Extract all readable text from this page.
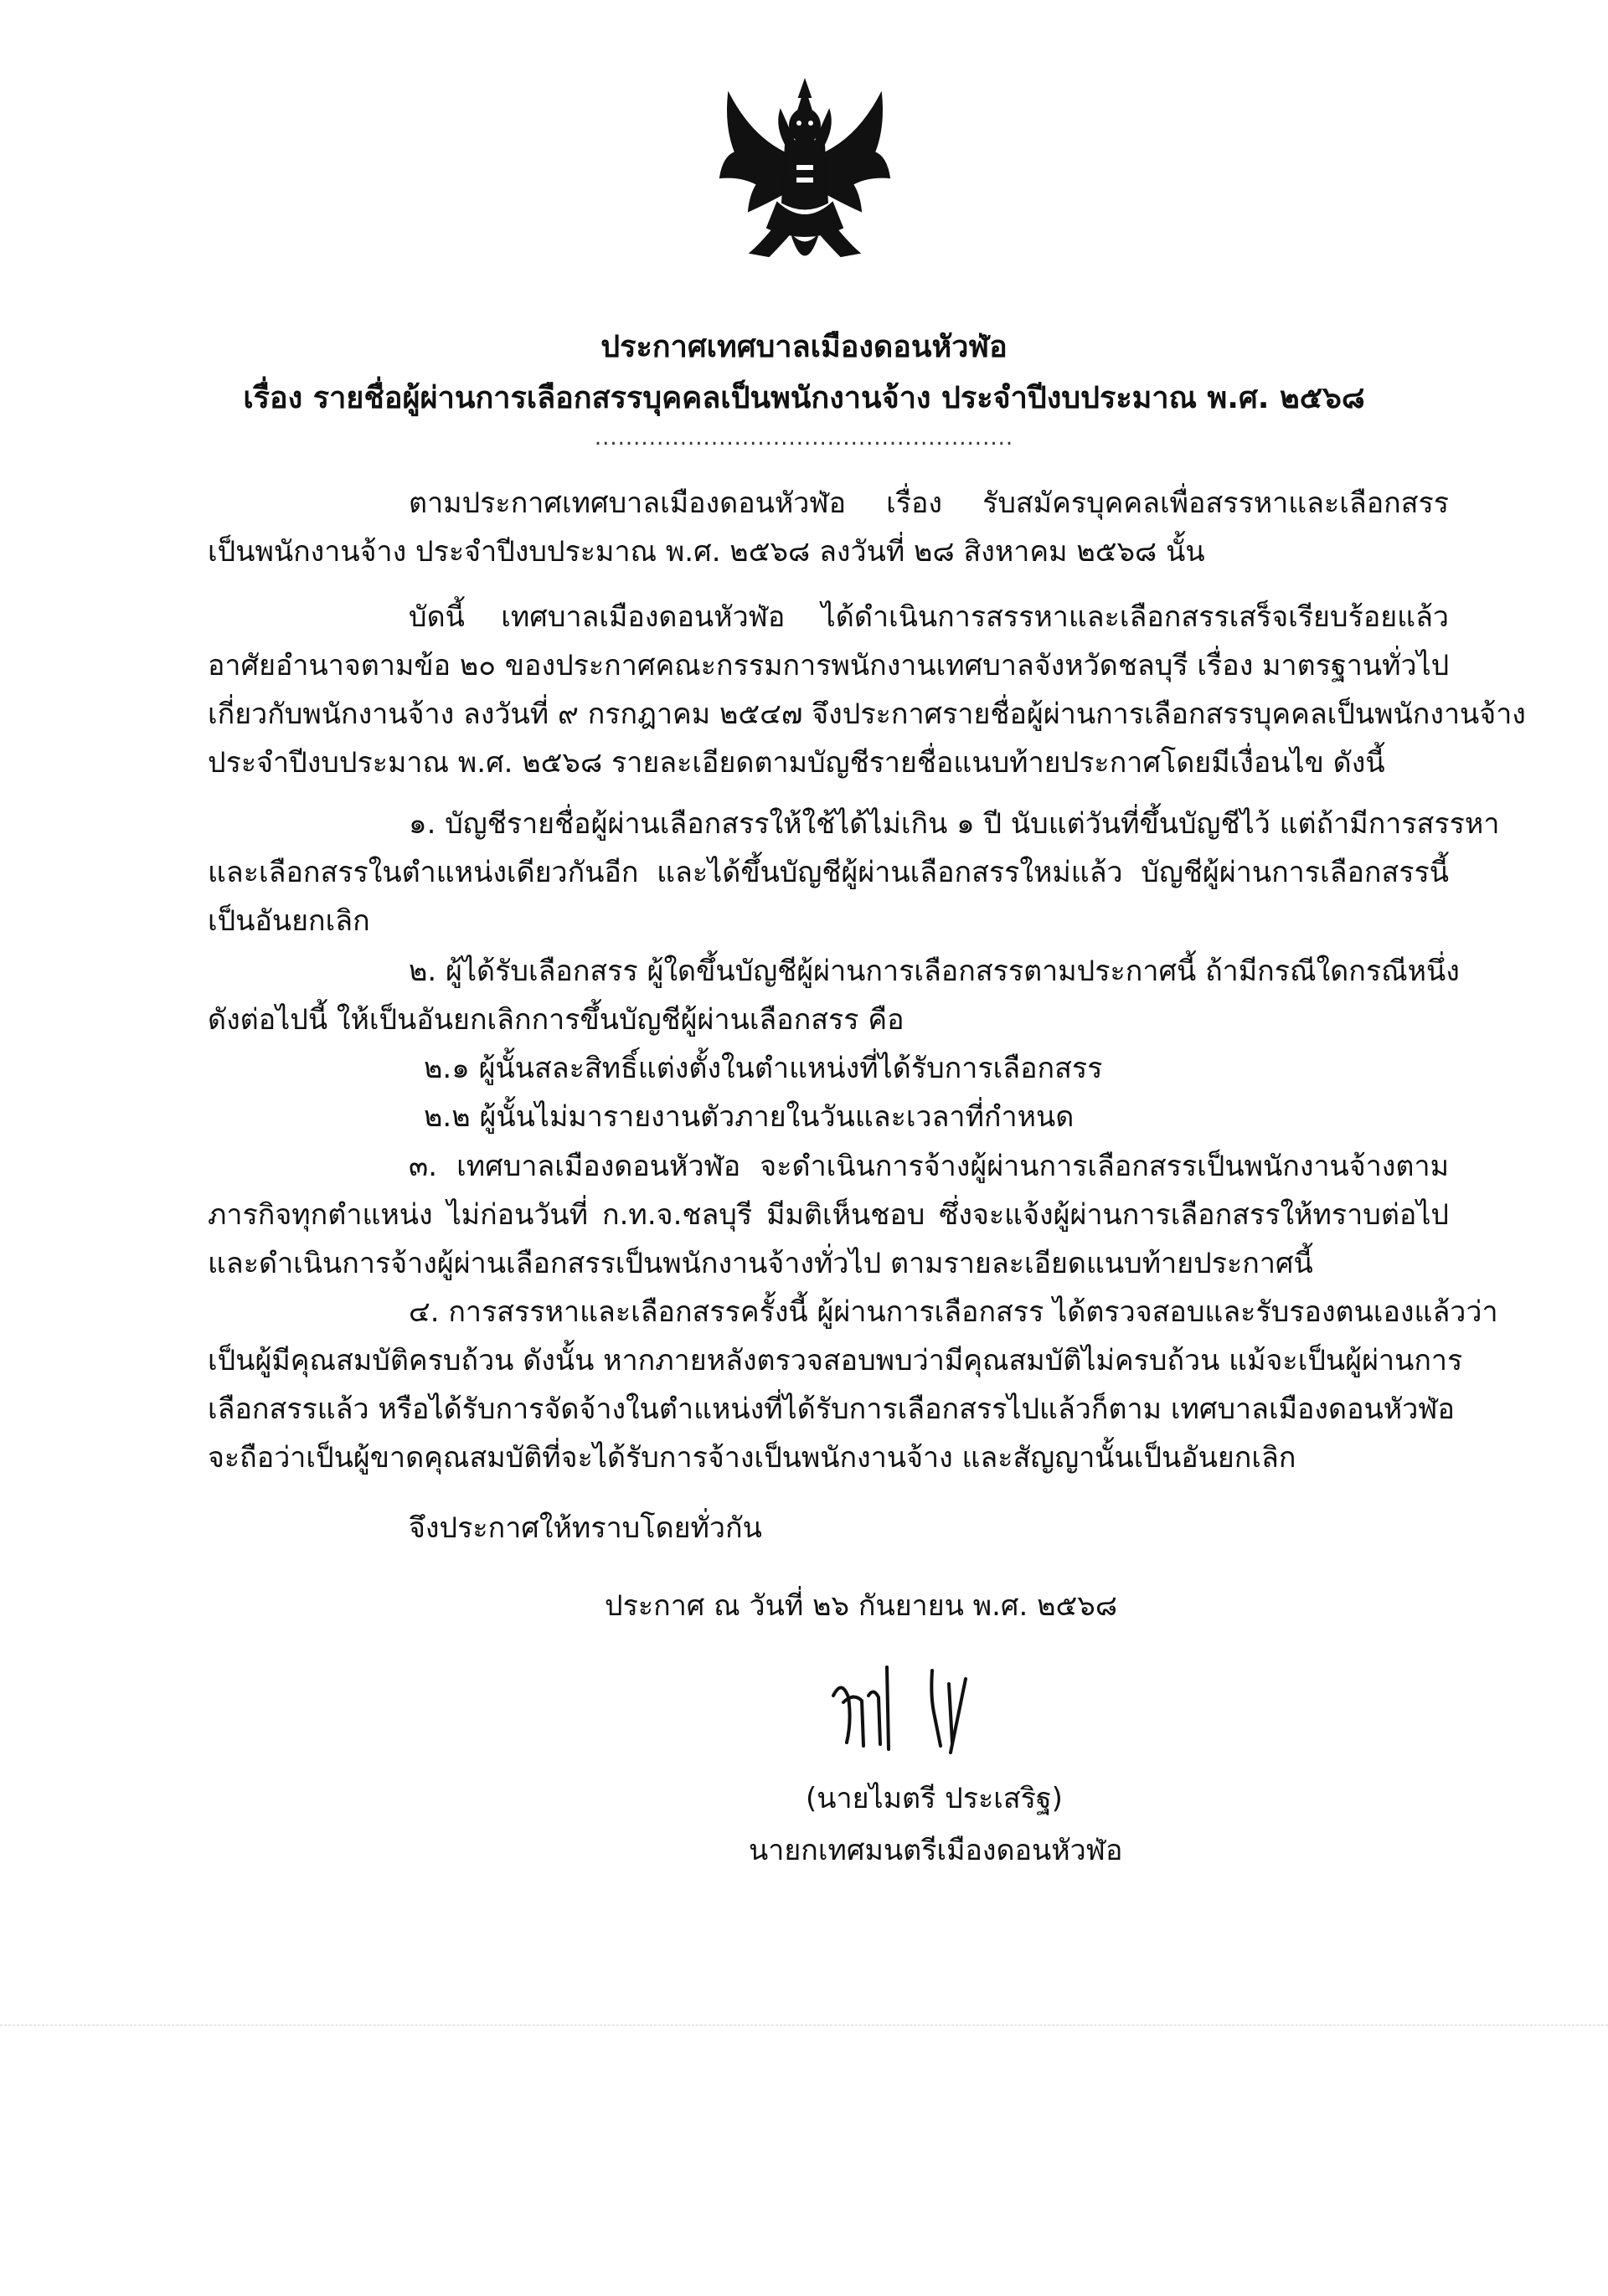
ประกาศเทศบาลเมืองดอนหัวฬ่อ
เรื่อง รายชื่อผู้ผ่านการเลือกสรรบุคคลเป็นพนักงานจ้าง ประจำปีงบประมาณ พ.ศ. ๒๕๖๘
......................................................
ตามประกาศเทศบาลเมืองดอนหัวฬ่อ เรื่อง รับสมัครบุคคลเพื่อสรรหาและเลือกสรร
เป็นพนักงานจ้าง ประจำปีงบประมาณ พ.ศ. ๒๕๖๘ ลงวันที่ ๒๘ สิงหาคม ๒๕๖๘ นั้น
บัดนี้ เทศบาลเมืองดอนหัวฬ่อ ได้ดำเนินการสรรหาและเลือกสรรเสร็จเรียบร้อยแล้ว
อาศัยอำนาจตามข้อ ๒๐ ของประกาศคณะกรรมการพนักงานเทศบาลจังหวัดชลบุรี เรื่อง มาตรฐานทั่วไป
เกี่ยวกับพนักงานจ้าง ลงวันที่ ๙ กรกฎาคม ๒๕๔๗ จึงประกาศรายชื่อผู้ผ่านการเลือกสรรบุคคลเป็นพนักงานจ้าง
ประจำปีงบประมาณ พ.ศ. ๒๕๖๘ รายละเอียดตามบัญชีรายชื่อแนบท้ายประกาศโดยมีเงื่อนไข ดังนี้
๑. บัญชีรายชื่อผู้ผ่านเลือกสรรให้ใช้ได้ไม่เกิน ๑ ปี นับแต่วันที่ขึ้นบัญชีไว้ แต่ถ้ามีการสรรหา
และเลือกสรรในตำแหน่งเดียวกันอีก และได้ขึ้นบัญชีผู้ผ่านเลือกสรรใหม่แล้ว บัญชีผู้ผ่านการเลือกสรรนี้
เป็นอันยกเลิก
๒. ผู้ได้รับเลือกสรร ผู้ใดขึ้นบัญชีผู้ผ่านการเลือกสรรตามประกาศนี้ ถ้ามีกรณีใดกรณีหนึ่ง
ดังต่อไปนี้ ให้เป็นอันยกเลิกการขึ้นบัญชีผู้ผ่านเลือกสรร คือ
๒.๑ ผู้นั้นสละสิทธิ์แต่งตั้งในตำแหน่งที่ได้รับการเลือกสรร
๒.๒ ผู้นั้นไม่มารายงานตัวภายในวันและเวลาที่กำหนด
๓. เทศบาลเมืองดอนหัวฬ่อ จะดำเนินการจ้างผู้ผ่านการเลือกสรรเป็นพนักงานจ้างตาม
ภารกิจทุกตำแหน่ง ไม่ก่อนวันที่ ก.ท.จ.ชลบุรี มีมติเห็นชอบ ซึ่งจะแจ้งผู้ผ่านการเลือกสรรให้ทราบต่อไป
และดำเนินการจ้างผู้ผ่านเลือกสรรเป็นพนักงานจ้างทั่วไป ตามรายละเอียดแนบท้ายประกาศนี้
๔. การสรรหาและเลือกสรรครั้งนี้ ผู้ผ่านการเลือกสรร ได้ตรวจสอบและรับรองตนเองแล้วว่า
เป็นผู้มีคุณสมบัติครบถ้วน ดังนั้น หากภายหลังตรวจสอบพบว่ามีคุณสมบัติไม่ครบถ้วน แม้จะเป็นผู้ผ่านการ
เลือกสรรแล้ว หรือได้รับการจัดจ้างในตำแหน่งที่ได้รับการเลือกสรรไปแล้วก็ตาม เทศบาลเมืองดอนหัวฬ่อ
จะถือว่าเป็นผู้ขาดคุณสมบัติที่จะได้รับการจ้างเป็นพนักงานจ้าง และสัญญานั้นเป็นอันยกเลิก
จึงประกาศให้ทราบโดยทั่วกัน
ประกาศ ณ วันที่ ๒๖ กันยายน พ.ศ. ๒๕๖๘
(นายไมตรี ประเสริฐ)
นายกเทศมนตรีเมืองดอนหัวฬ่อ
